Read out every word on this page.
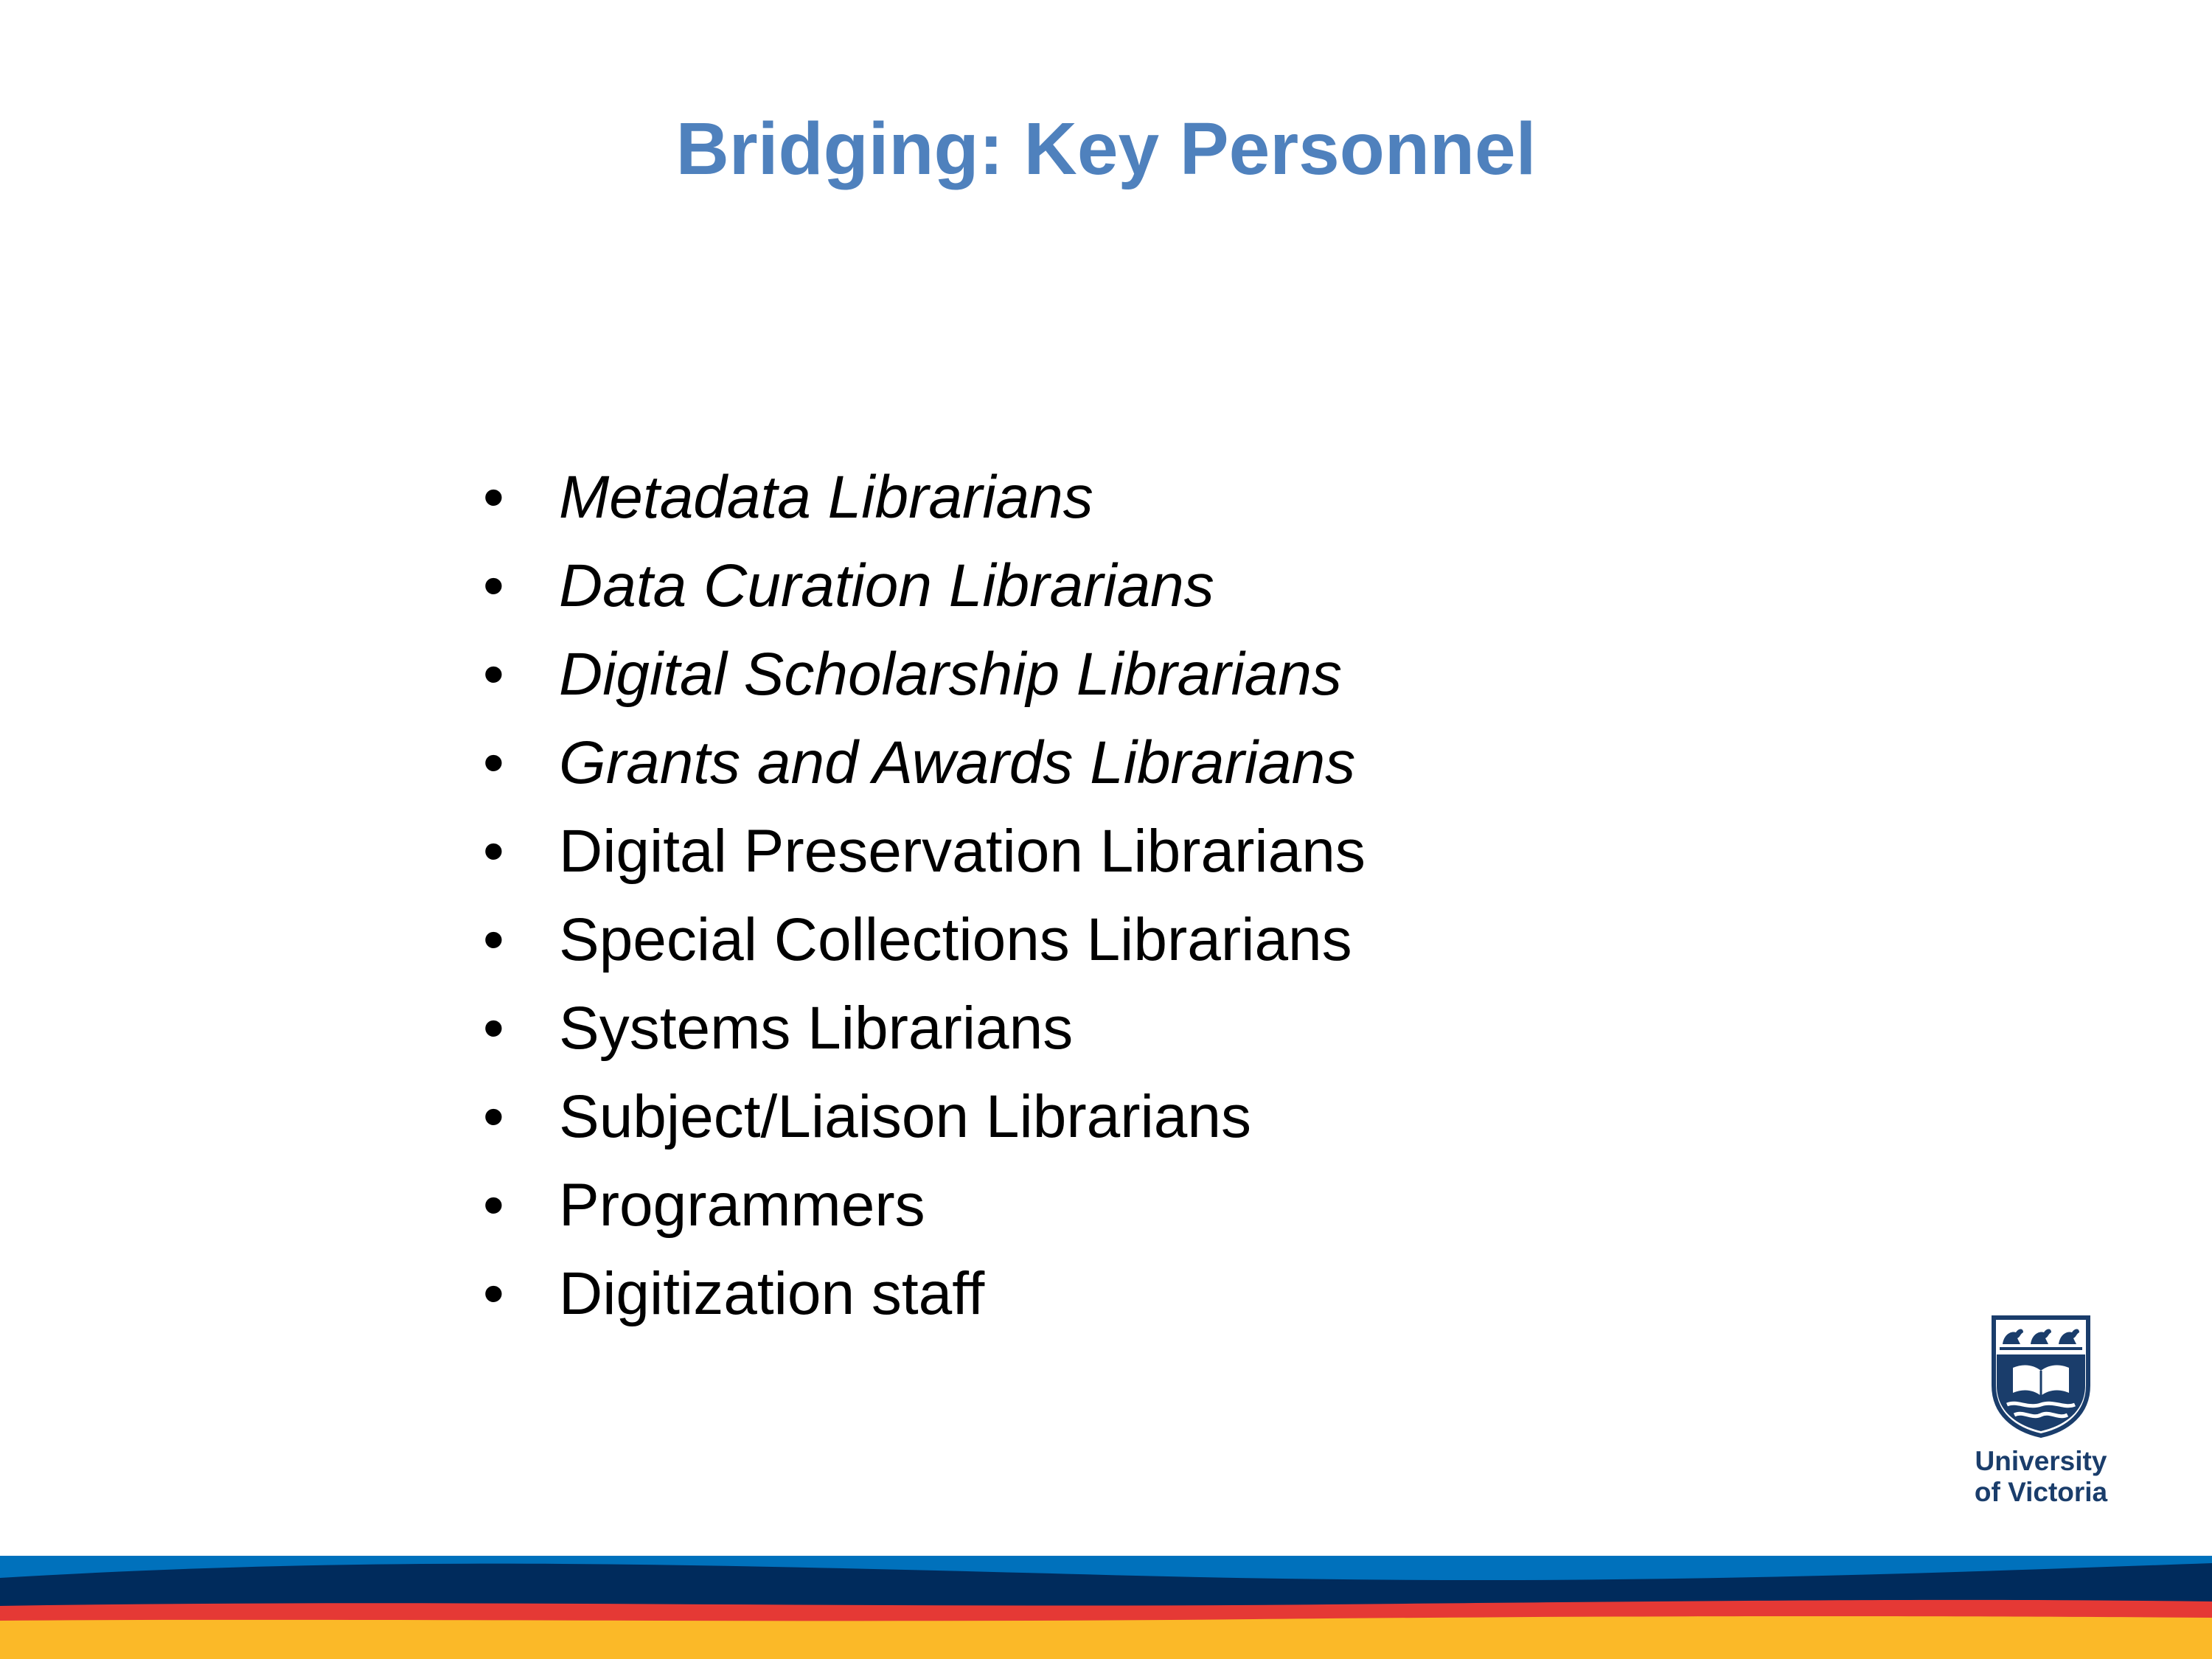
Bridging: Key Personnel
• Metadata Librarians
• Data Curation Librarians
• Digital Scholarship Librarians
• Grants and Awards Librarians
• Digital Preservation Librarians
• Special Collections Librarians
• Systems Librarians
• Subject/Liaison Librarians
• Programmers
• Digitization staff
University
of Victoria
